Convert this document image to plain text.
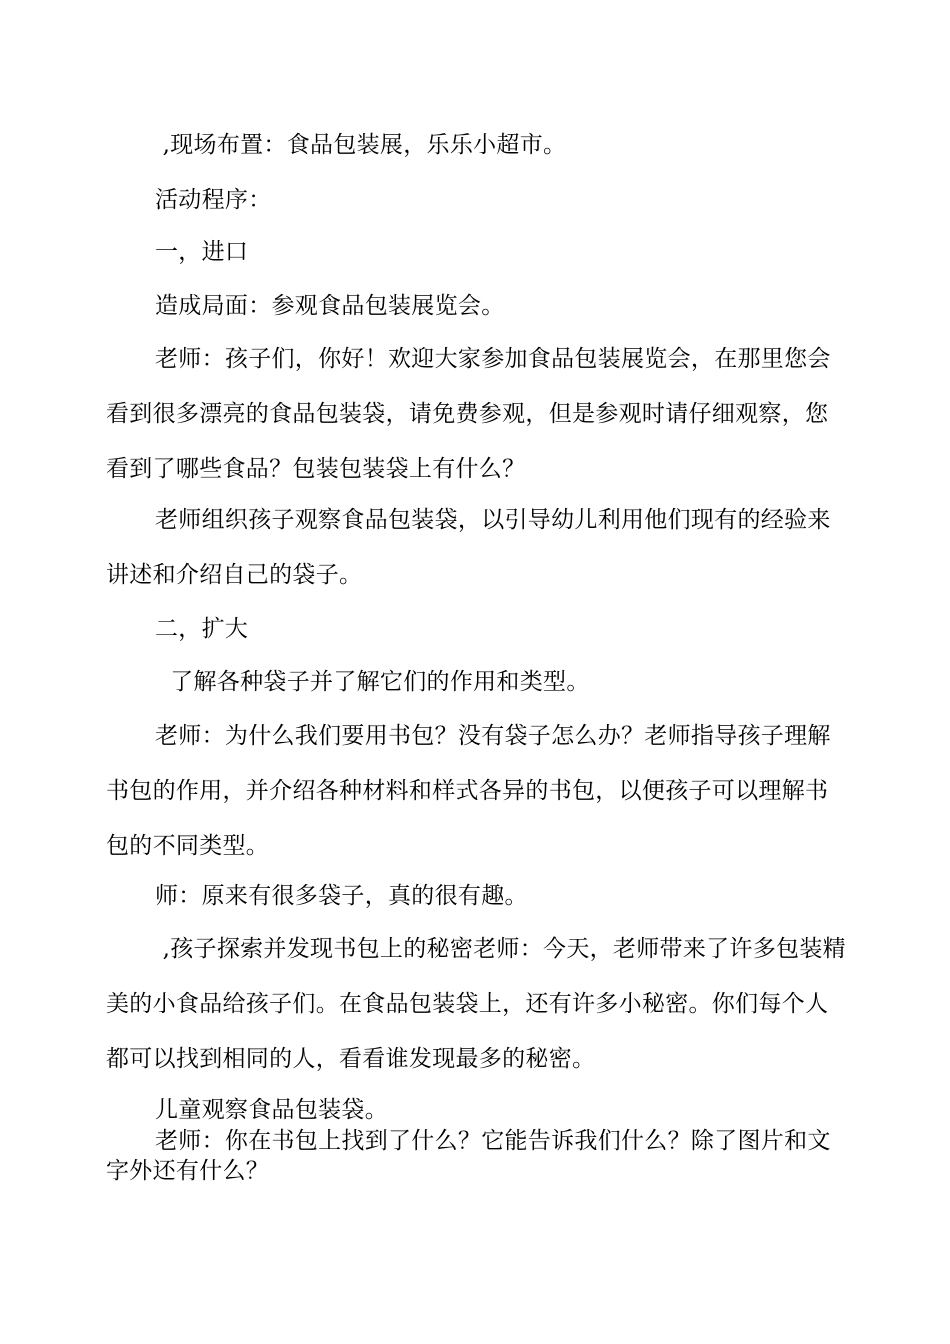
,现场布置：食品包装展，乐乐小超市。

活动程序：

一，进口

造成局面：参观食品包装展览会。

老师：孩子们，你好！欢迎大家参加食品包装展览会，在那里您会看到很多漂亮的食品包装袋，请免费参观，但是参观时请仔细观察，您看到了哪些食品？包装包装袋上有什么？

老师组织孩子观察食品包装袋，以引导幼儿利用他们现有的经验来讲述和介绍自己的袋子。

二，扩大

了解各种袋子并了解它们的作用和类型。

老师：为什么我们要用书包？没有袋子怎么办？老师指导孩子理解书包的作用，并介绍各种材料和样式各异的书包，以便孩子可以理解书包的不同类型。

师：原来有很多袋子，真的很有趣。

,孩子探索并发现书包上的秘密老师：今天，老师带来了许多包装精美的小食品给孩子们。在食品包装袋上，还有许多小秘密。你们每个人都可以找到相同的人，看看谁发现最多的秘密。

儿童观察食品包装袋。

老师：你在书包上找到了什么？它能告诉我们什么？除了图片和文字外还有什么？
